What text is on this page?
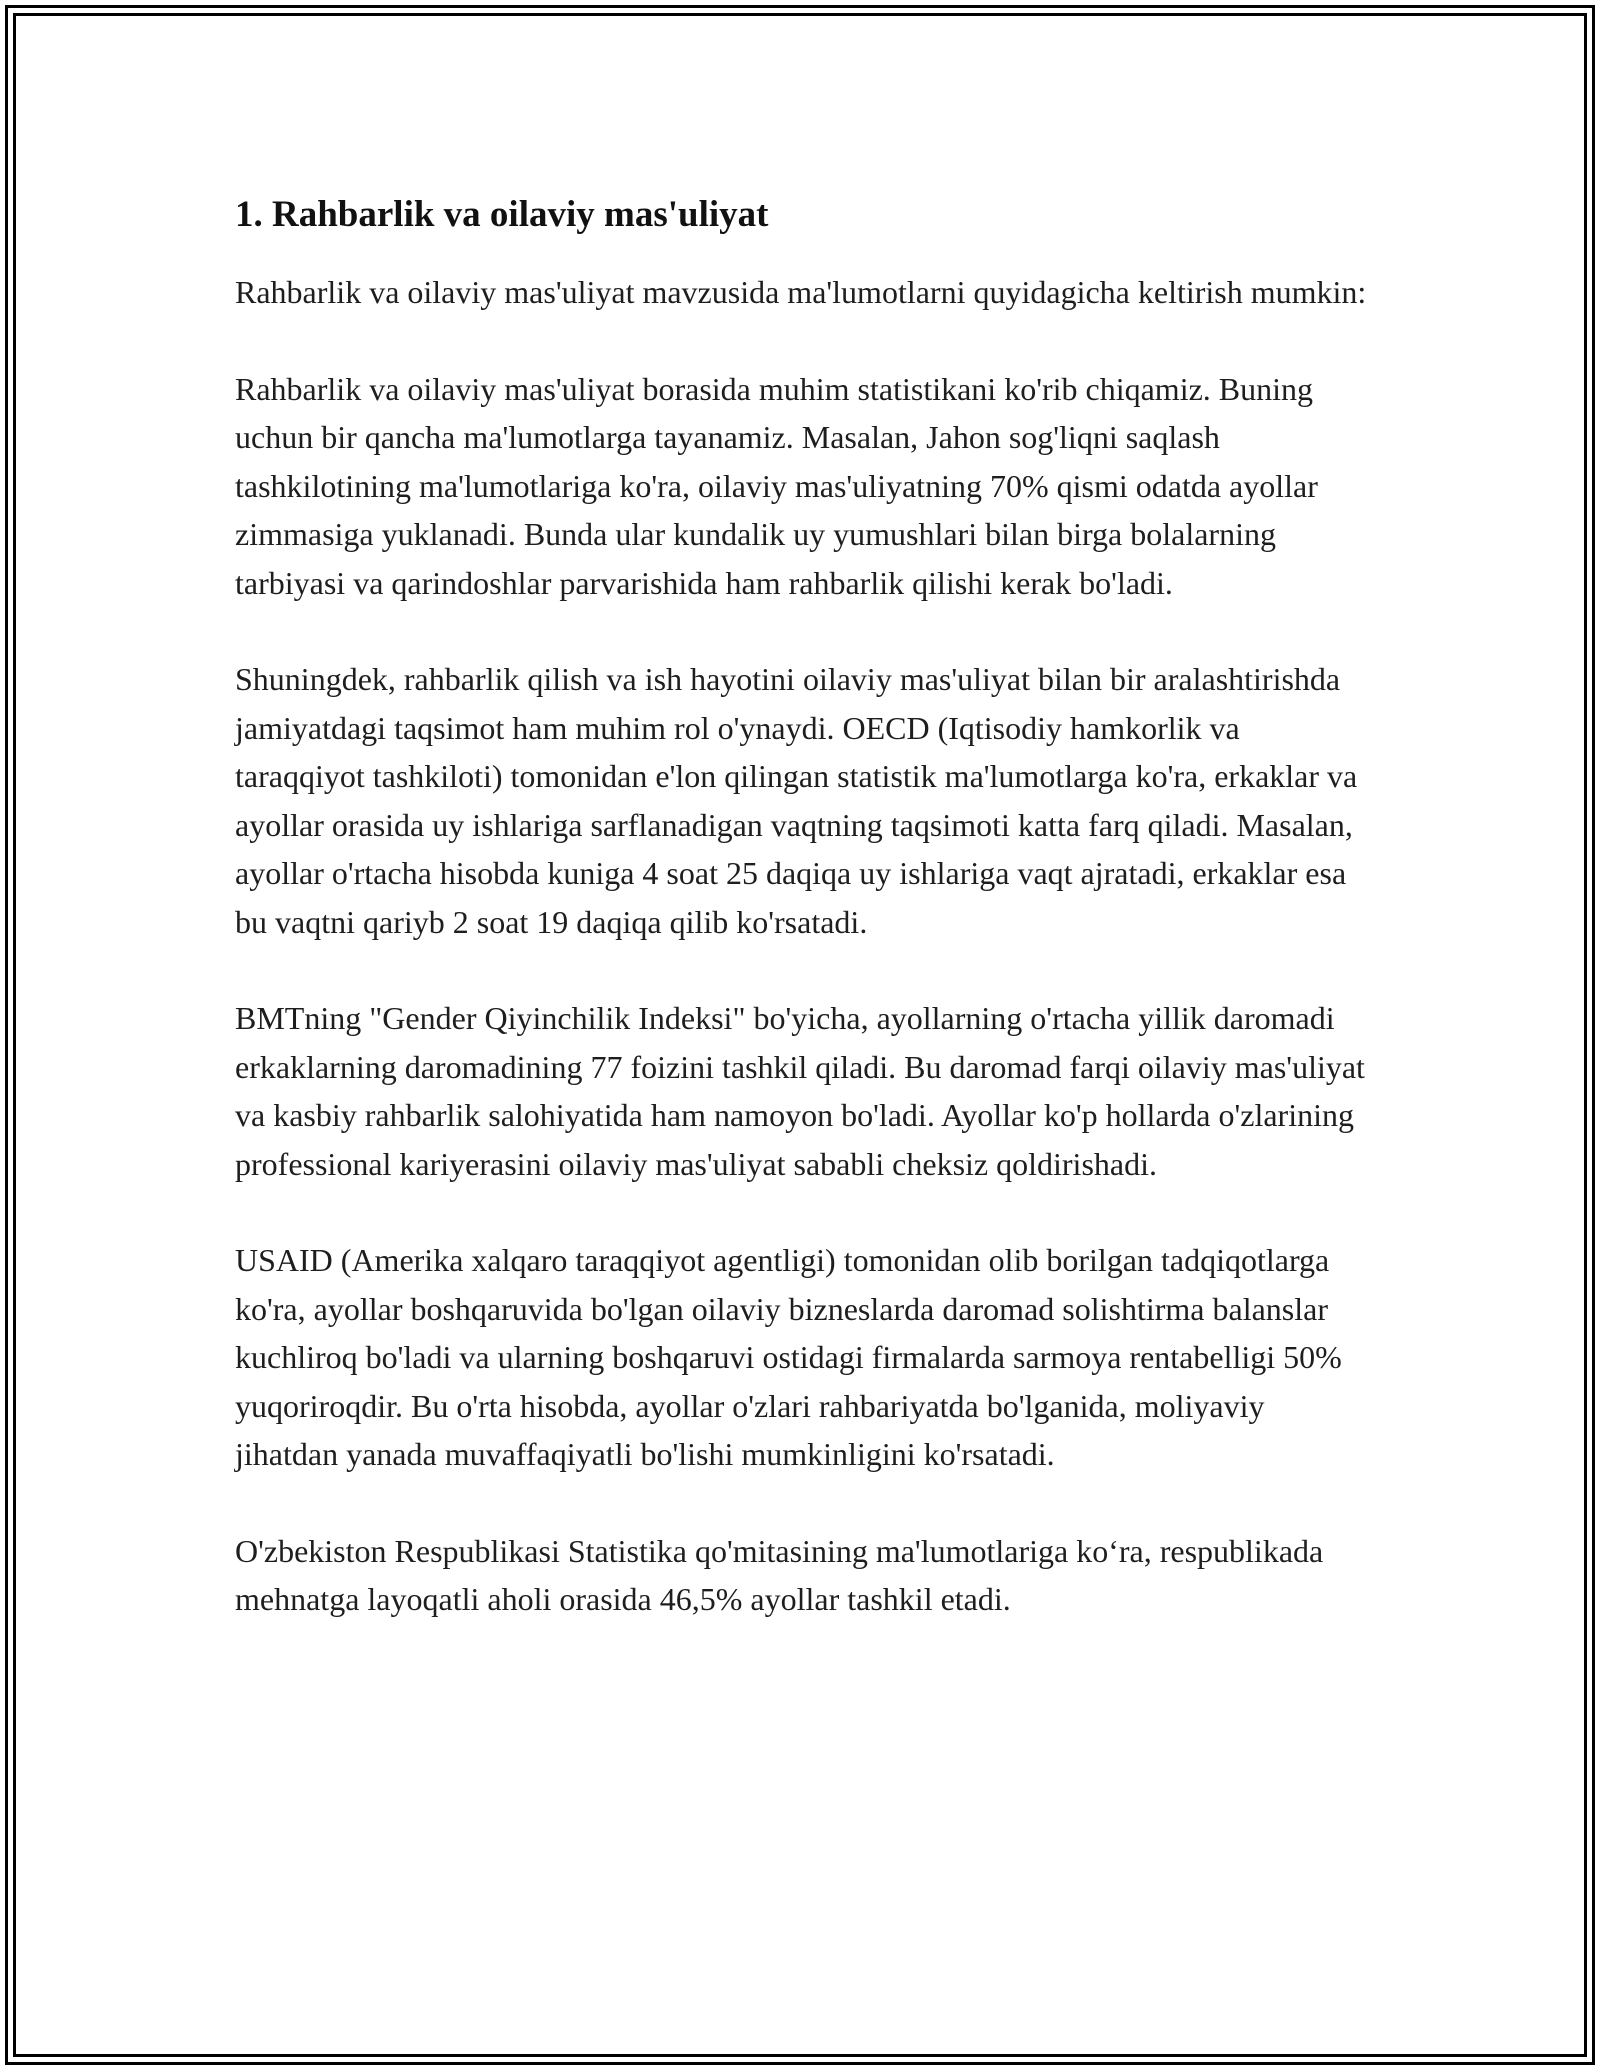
1. Rahbarlik va oilaviy mas'uliyat

Rahbarlik va oilaviy mas'uliyat mavzusida ma'lumotlarni quyidagicha keltirish mumkin:

Rahbarlik va oilaviy mas'uliyat borasida muhim statistikani ko'rib chiqamiz. Buning uchun bir qancha ma'lumotlarga tayanamiz. Masalan, Jahon sog'liqni saqlash tashkilotining ma'lumotlariga ko'ra, oilaviy mas'uliyatning 70% qismi odatda ayollar zimmasiga yuklanadi. Bunda ular kundalik uy yumushlari bilan birga bolalarning tarbiyasi va qarindoshlar parvarishida ham rahbarlik qilishi kerak bo'ladi.

Shuningdek, rahbarlik qilish va ish hayotini oilaviy mas'uliyat bilan bir aralashtirishda jamiyatdagi taqsimot ham muhim rol o'ynaydi. OECD (Iqtisodiy hamkorlik va taraqqiyot tashkiloti) tomonidan e'lon qilingan statistik ma'lumotlarga ko'ra, erkaklar va ayollar orasida uy ishlariga sarflanadigan vaqtning taqsimoti katta farq qiladi. Masalan, ayollar o'rtacha hisobda kuniga 4 soat 25 daqiqa uy ishlariga vaqt ajratadi, erkaklar esa bu vaqtni qariyb 2 soat 19 daqiqa qilib ko'rsatadi.

BMTning "Gender Qiyinchilik Indeksi" bo'yicha, ayollarning o'rtacha yillik daromadi erkaklarning daromadining 77 foizini tashkil qiladi. Bu daromad farqi oilaviy mas'uliyat va kasbiy rahbarlik salohiyatida ham namoyon bo'ladi. Ayollar ko'p hollarda o'zlarining professional kariyerasini oilaviy mas'uliyat sababli cheksiz qoldirishadi.

USAID (Amerika xalqaro taraqqiyot agentligi) tomonidan olib borilgan tadqiqotlarga ko'ra, ayollar boshqaruvida bo'lgan oilaviy bizneslarda daromad solishtirma balanslar kuchliroq bo'ladi va ularning boshqaruvi ostidagi firmalarda sarmoya rentabelligi 50% yuqoriroqdir. Bu o'rta hisobda, ayollar o'zlari rahbariyatda bo'lganida, moliyaviy jihatdan yanada muvaffaqiyatli bo'lishi mumkinligini ko'rsatadi.

O'zbekiston Respublikasi Statistika qo'mitasining ma'lumotlariga ko‘ra, respublikada mehnatga layoqatli aholi orasida 46,5% ayollar tashkil etadi.
